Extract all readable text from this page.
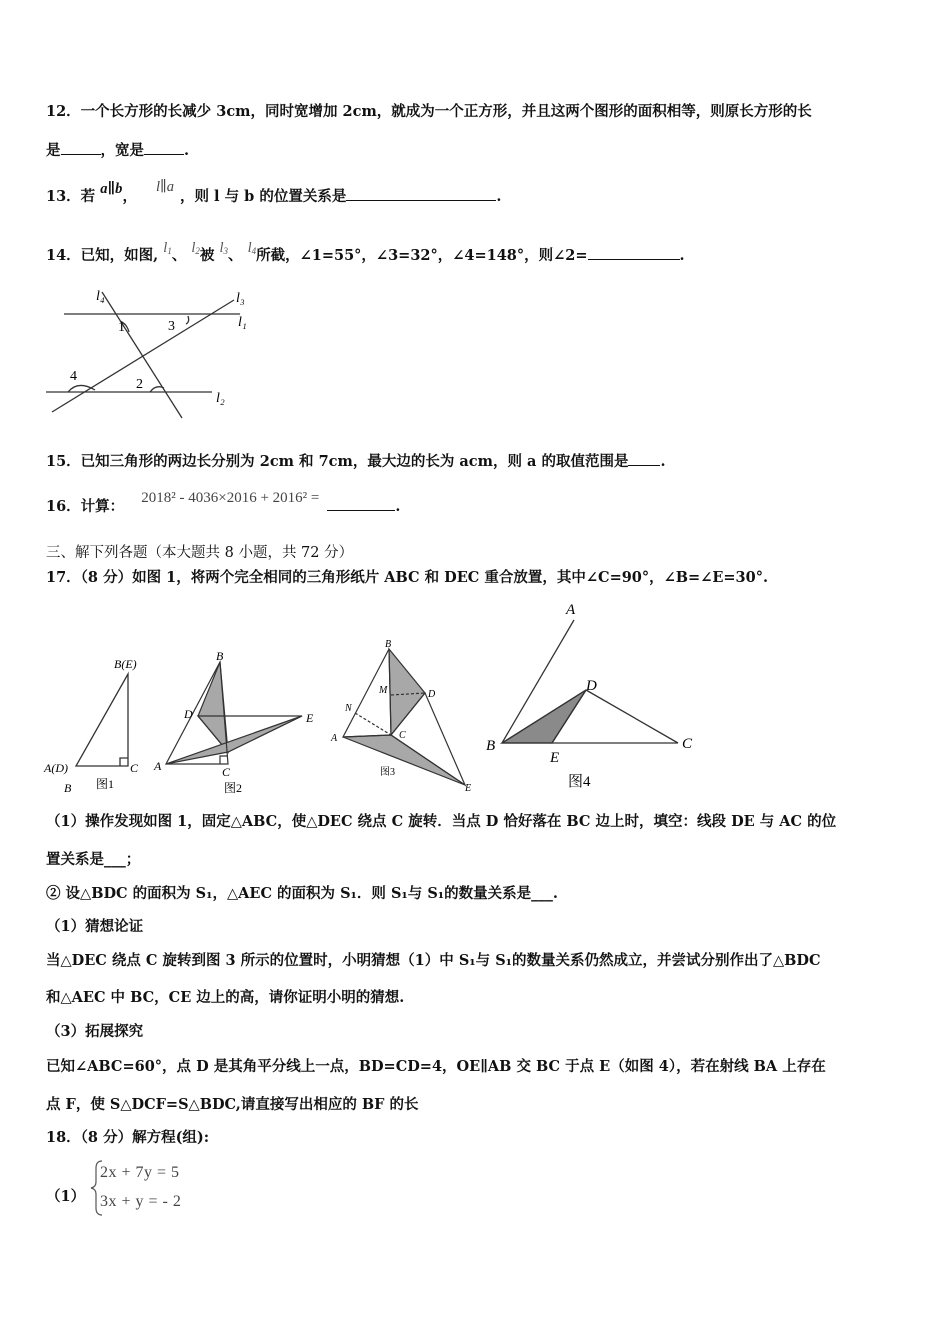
12．一个长方形的长减少 3cm，同时宽增加 2cm，就成为一个正方形，并且这两个图形的面积相等，则原长方形的长
是	，宽是	.
13．若 a∥b， l∥a，则 l 与 b 的位置关系是	.
14．已知，如图, $l_1$、 $l_2$被 $l_3$、 $l_4$所截，∠1=55°，∠3=32°，∠4=148°，则∠2=	.
l₄	l₃
l₁
l₂
1	3
4
2
15．已知三角形的两边长分别为 2cm 和 7cm，最大边的长为 acm，则 a 的取值范围是 .
16．计算： 2018² - 4036×2016 + 2016² =	.
三、解下列各题（本大题共 8 小题，共 72 分）
17．（8 分）如图 1，将两个完全相同的三角形纸片 ABC 和 DEC 重合放置，其中∠C=90°，∠B=∠E=30°.
B(E)
A(D)	C
B 图1
B
D	E
A	C
图2
B
M	D
N
A	C
E
图3
A
D
B
E
C
图4
（1）操作发现如图 1，固定△ABC，使△DEC 绕点 C 旋转．当点 D 恰好落在 BC 边上时，填空：线段 DE 与 AC 的位
置关系是___；
② 设△BDC 的面积为 S₁，△AEC 的面积为 S₁．则 S₁与 S₁的数量关系是___.
（1）猜想论证
当△DEC 绕点 C 旋转到图 3 所示的位置时，小明猜想（1）中 S₁与 S₁的数量关系仍然成立，并尝试分别作出了△BDC
和△AEC 中 BC，CE 边上的高，请你证明小明的猜想.
（3）拓展探究
已知∠ABC=60°，点 D 是其角平分线上一点，BD=CD=4，OE∥AB 交 BC 于点 E（如图 4），若在射线 BA 上存在
点 F，使 S△DCF=S△BDC,请直接写出相应的 BF 的长
18．（8 分）解方程(组):
（1）
2x + 7y = 5
3x + y = - 2
